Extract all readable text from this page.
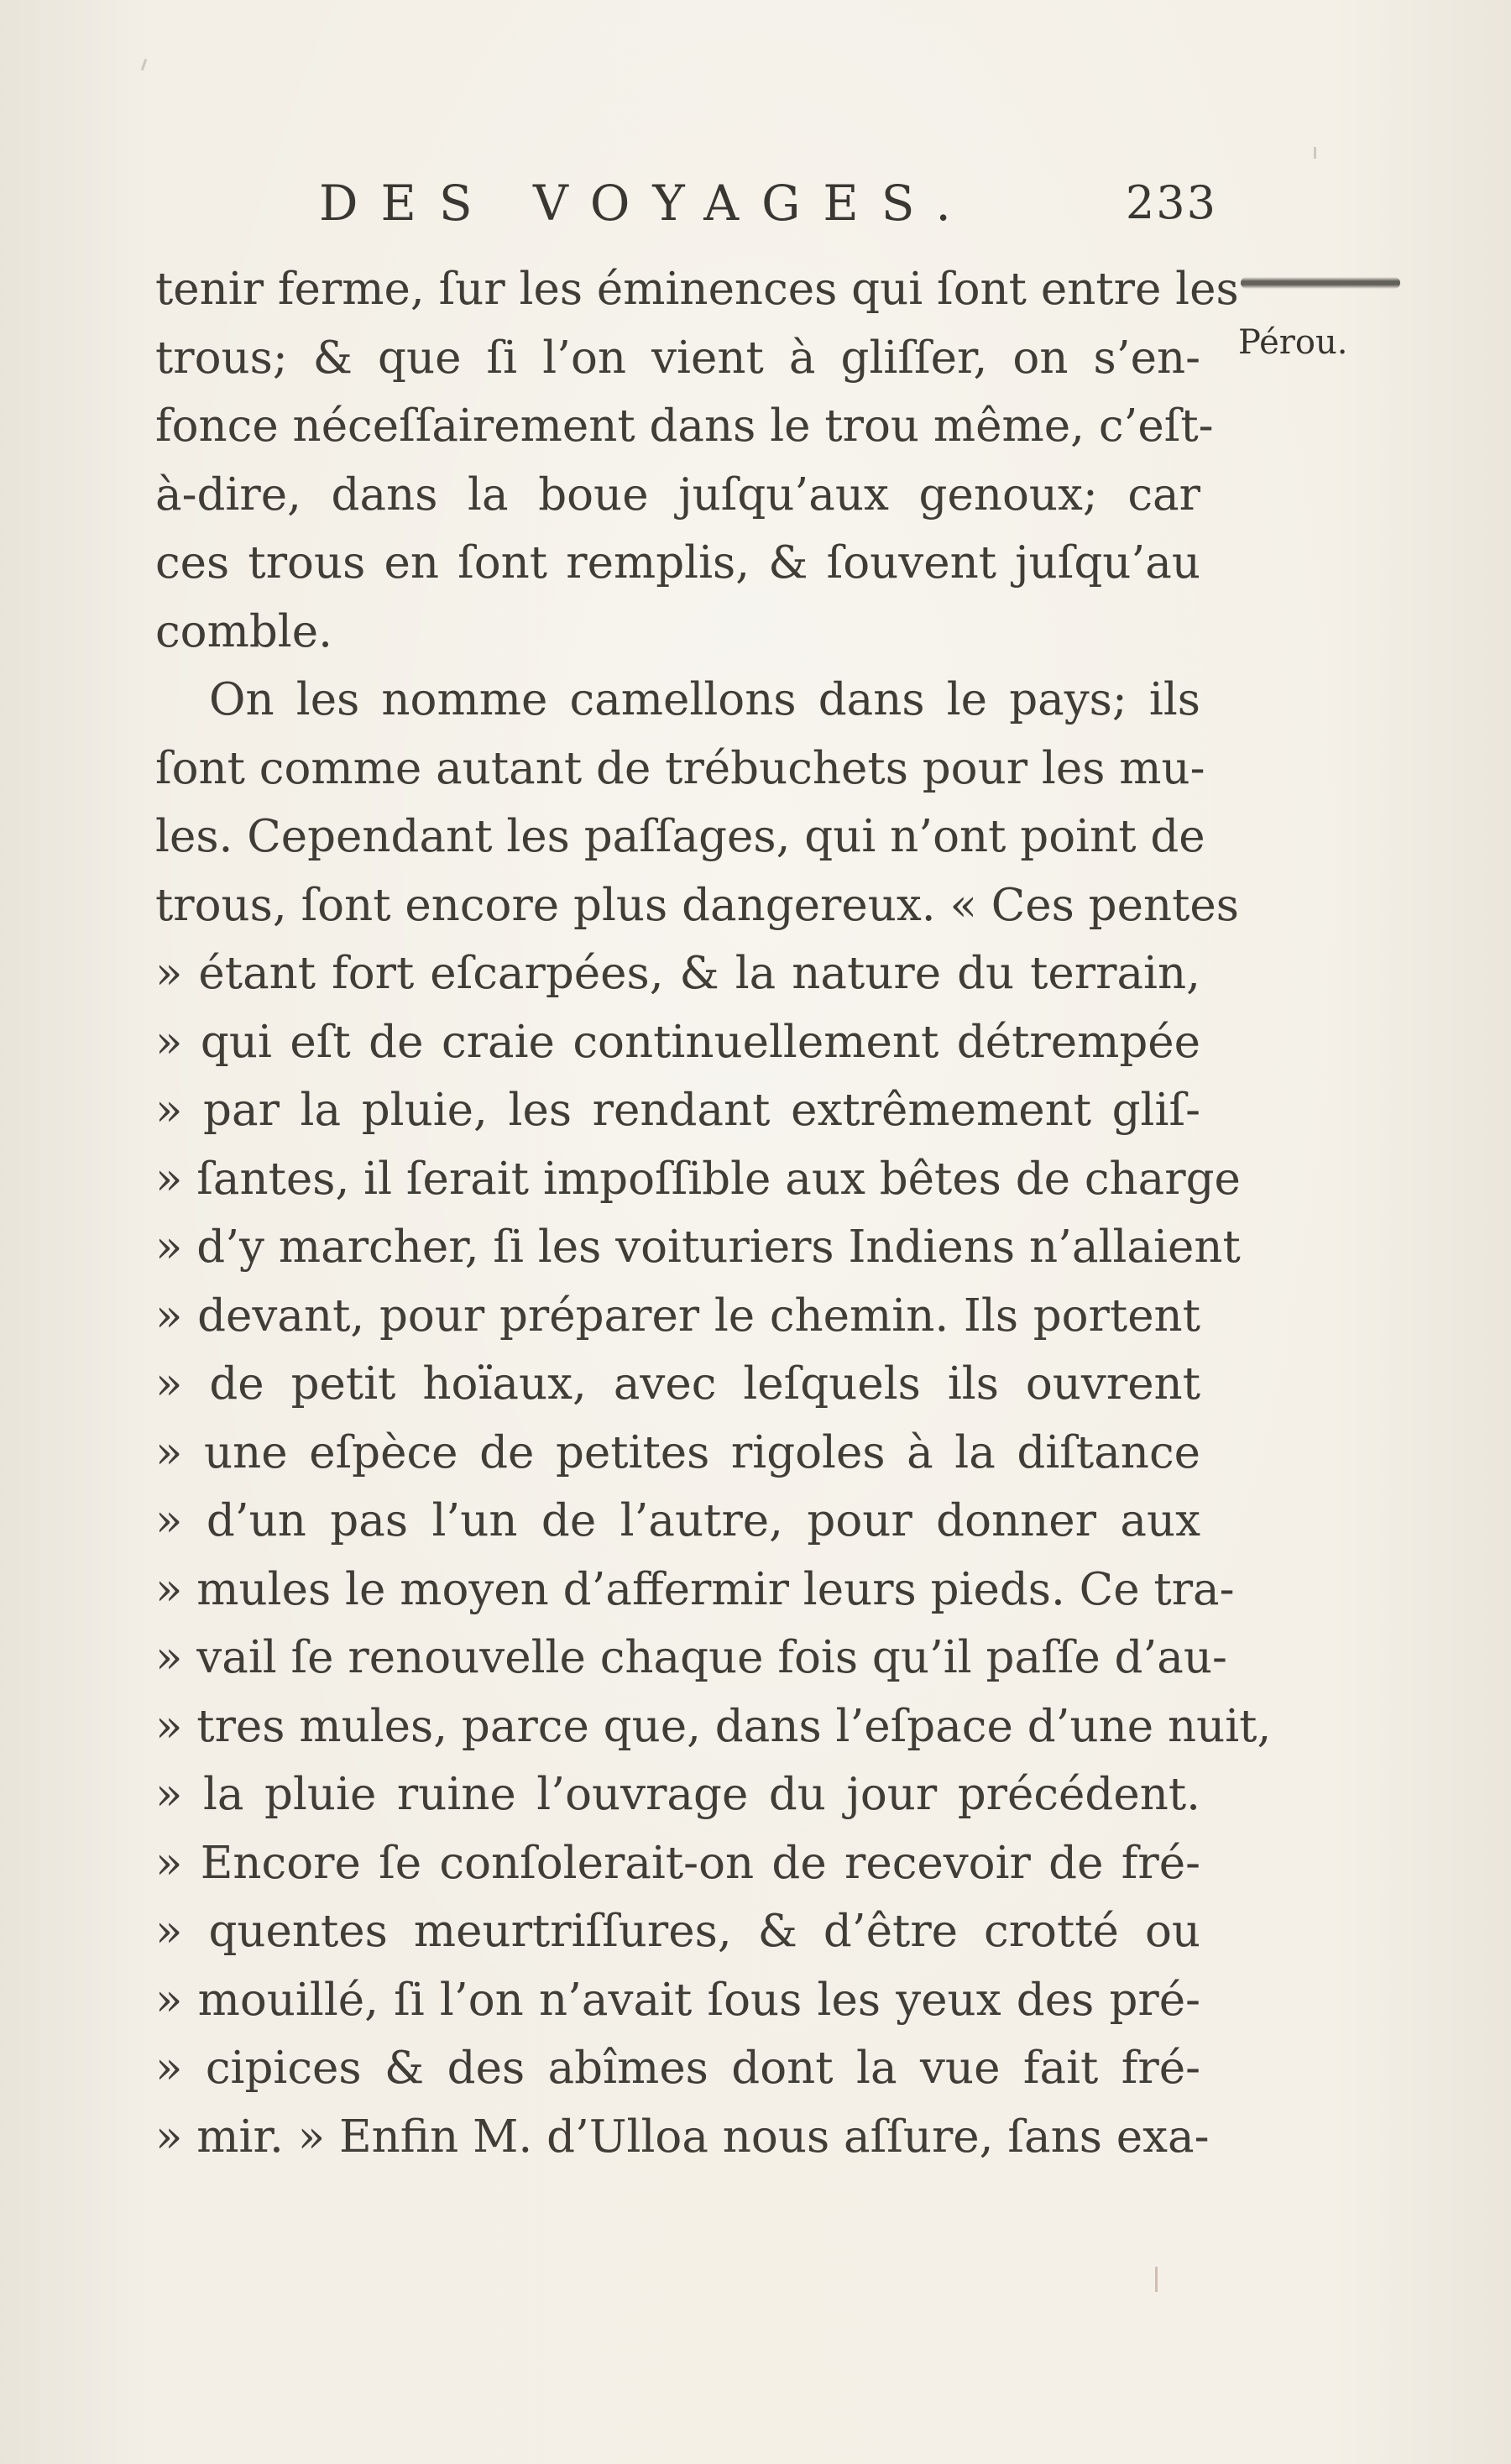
DES VOYAGES.	233
Pérou.
tenir ferme, ſur les éminences qui ſont entre les
trous; & que ſi l’on vient à gliſſer, on s’en-
fonce néceſſairement dans le trou même, c’eſt-
à-dire, dans la boue juſqu’aux genoux; car
ces trous en ſont remplis, & ſouvent juſqu’au
comble.
On les nomme camellons dans le pays; ils
ſont comme autant de trébuchets pour les mu-
les. Cependant les paſſages, qui n’ont point de
trous, ſont encore plus dangereux. « Ces pentes
» étant fort eſcarpées, & la nature du terrain,
» qui eſt de craie continuellement détrempée
» par la pluie, les rendant extrêmement gliſ-
» ſantes, il ſerait impoſſible aux bêtes de charge
» d’y marcher, ſi les voituriers Indiens n’allaient
» devant, pour préparer le chemin. Ils portent
» de petit hoïaux, avec leſquels ils ouvrent
» une eſpèce de petites rigoles à la diſtance
» d’un pas l’un de l’autre, pour donner aux
» mules le moyen d’affermir leurs pieds. Ce tra-
» vail ſe renouvelle chaque fois qu’il paſſe d’au-
» tres mules, parce que, dans l’eſpace d’une nuit,
» la pluie ruine l’ouvrage du jour précédent.
» Encore ſe conſolerait-on de recevoir de fré-
» quentes meurtriſſures, & d’être crotté ou
» mouillé, ſi l’on n’avait ſous les yeux des pré-
» cipices & des abîmes dont la vue fait fré-
» mir. » Enfin M. d’Ulloa nous aſſure, ſans exa-
